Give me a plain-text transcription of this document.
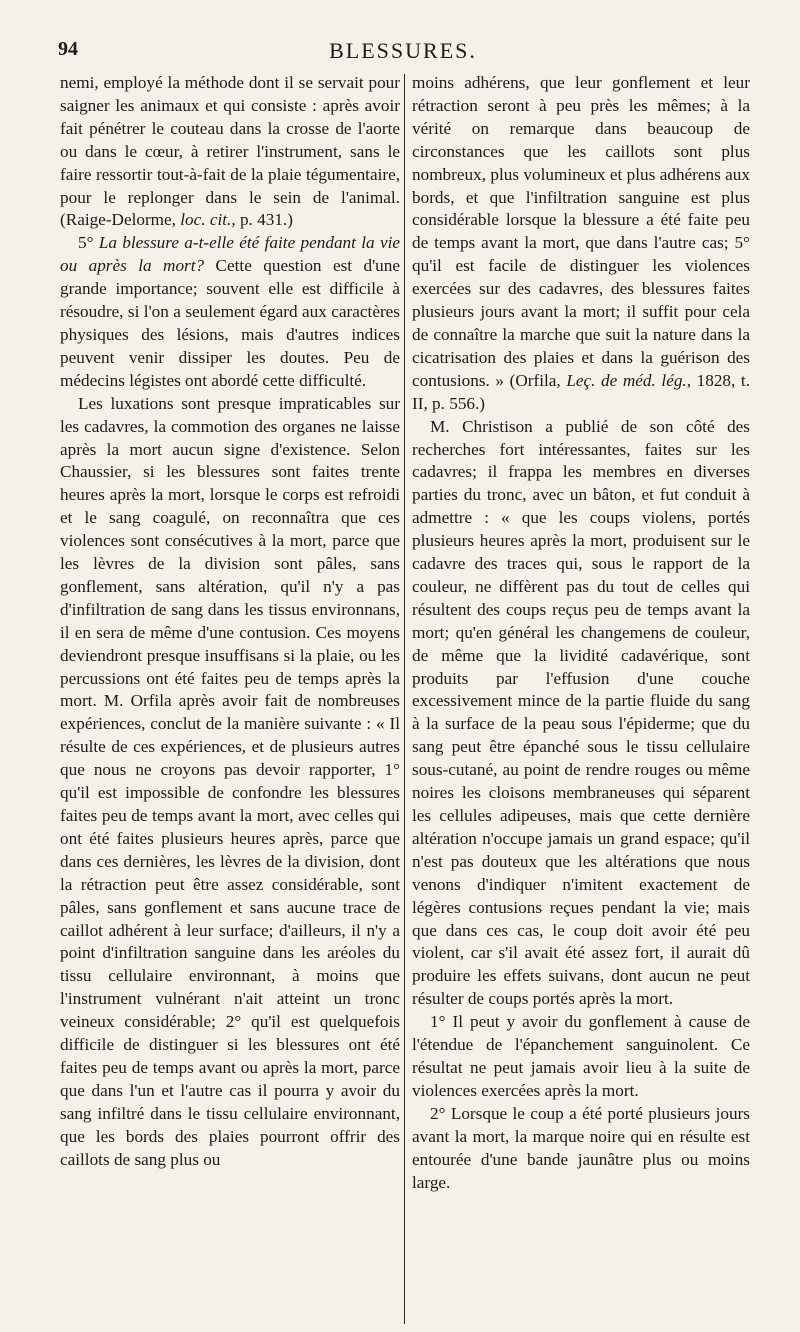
94	BLESSURES.

nemi, employé la méthode dont il se servait pour saigner les animaux et qui consiste : après avoir fait pénétrer le couteau dans la crosse de l'aorte ou dans le cœur, à retirer l'instrument, sans le faire ressortir tout-à-fait de la plaie tégumentaire, pour le replonger dans le sein de l'animal. (Raige-Delorme, loc. cit., p. 431.)

5° La blessure a-t-elle été faite pendant la vie ou après la mort? Cette question est d'une grande importance; souvent elle est difficile à résoudre, si l'on a seulement égard aux caractères physiques des lésions, mais d'autres indices peuvent venir dissiper les doutes. Peu de médecins légistes ont abordé cette difficulté.

Les luxations sont presque impraticables sur les cadavres, la commotion des organes ne laisse après la mort aucun signe d'existence. Selon Chaussier, si les blessures sont faites trente heures après la mort, lorsque le corps est refroidi et le sang coagulé, on reconnaîtra que ces violences sont consécutives à la mort, parce que les lèvres de la division sont pâles, sans gonflement, sans altération, qu'il n'y a pas d'infiltration de sang dans les tissus environnans, il en sera de même d'une contusion. Ces moyens deviendront presque insuffisans si la plaie, ou les percussions ont été faites peu de temps après la mort. M. Orfila après avoir fait de nombreuses expériences, conclut de la manière suivante : « Il résulte de ces expériences, et de plusieurs autres que nous ne croyons pas devoir rapporter, 1° qu'il est impossible de confondre les blessures faites peu de temps avant la mort, avec celles qui ont été faites plusieurs heures après, parce que dans ces dernières, les lèvres de la division, dont la rétraction peut être assez considérable, sont pâles, sans gonflement et sans aucune trace de caillot adhérent à leur surface; d'ailleurs, il n'y a point d'infiltration sanguine dans les aréoles du tissu cellulaire environnant, à moins que l'instrument vulnérant n'ait atteint un tronc veineux considérable; 2° qu'il est quelquefois difficile de distinguer si les blessures ont été faites peu de temps avant ou après la mort, parce que dans l'un et l'autre cas il pourra y avoir du sang infiltré dans le tissu cellulaire environnant, que les bords des plaies pourront offrir des caillots de sang plus ou

moins adhérens, que leur gonflement et leur rétraction seront à peu près les mêmes; à la vérité on remarque dans beaucoup de circonstances que les caillots sont plus nombreux, plus volumineux et plus adhérens aux bords, et que l'infiltration sanguine est plus considérable lorsque la blessure a été faite peu de temps avant la mort, que dans l'autre cas; 5° qu'il est facile de distinguer les violences exercées sur des cadavres, des blessures faites plusieurs jours avant la mort; il suffit pour cela de connaître la marche que suit la nature dans la cicatrisation des plaies et dans la guérison des contusions. » (Orfila, Leç. de méd. lég., 1828, t. II, p. 556.)

M. Christison a publié de son côté des recherches fort intéressantes, faites sur les cadavres; il frappa les membres en diverses parties du tronc, avec un bâton, et fut conduit à admettre : « que les coups violens, portés plusieurs heures après la mort, produisent sur le cadavre des traces qui, sous le rapport de la couleur, ne diffèrent pas du tout de celles qui résultent des coups reçus peu de temps avant la mort; qu'en général les changemens de couleur, de même que la lividité cadavérique, sont produits par l'effusion d'une couche excessivement mince de la partie fluide du sang à la surface de la peau sous l'épiderme; que du sang peut être épanché sous le tissu cellulaire sous-cutané, au point de rendre rouges ou même noires les cloisons membraneuses qui séparent les cellules adipeuses, mais que cette dernière altération n'occupe jamais un grand espace; qu'il n'est pas douteux que les altérations que nous venons d'indiquer n'imitent exactement de légères contusions reçues pendant la vie; mais que dans ces cas, le coup doit avoir été peu violent, car s'il avait été assez fort, il aurait dû produire les effets suivans, dont aucun ne peut résulter de coups portés après la mort.

1° Il peut y avoir du gonflement à cause de l'étendue de l'épanchement sanguinolent. Ce résultat ne peut jamais avoir lieu à la suite de violences exercées après la mort.

2° Lorsque le coup a été porté plusieurs jours avant la mort, la marque noire qui en résulte est entourée d'une bande jaunâtre plus ou moins large.
